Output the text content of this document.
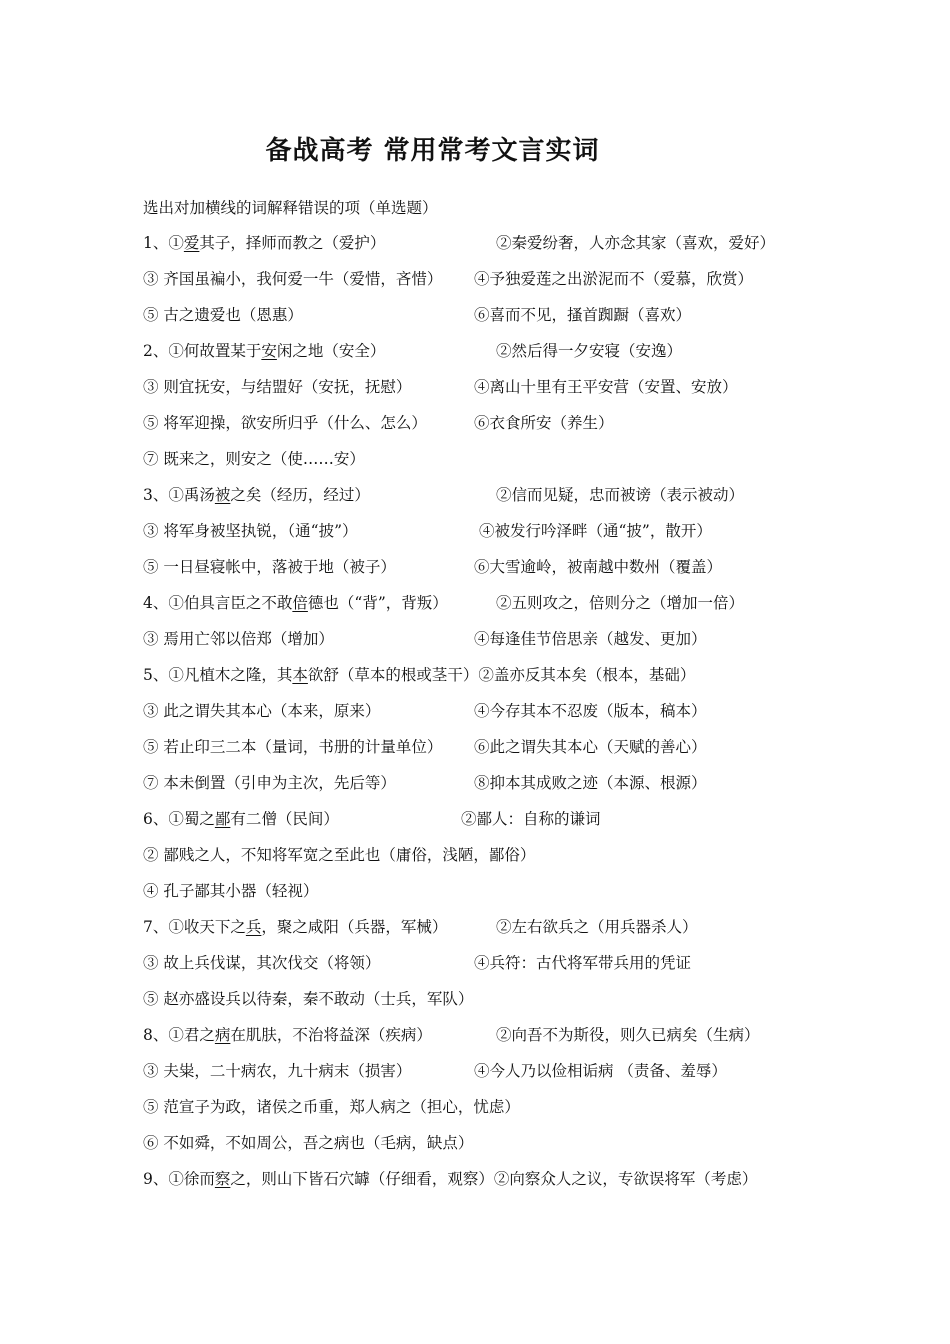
备战高考 常用常考文言实词
选出对加横线的词解释错误的项（单选题）
1、①爱其子，择师而教之（爱护）	②秦爱纷奢，人亦念其家（喜欢，爱好）
③ 齐国虽褊小，我何爱一牛（爱惜，吝惜） ④予独爱莲之出淤泥而不（爱慕，欣赏）
⑤ 古之遗爱也（恩惠）	⑥喜而不见，搔首踟蹰（喜欢）
2、①何故置某于安闲之地（安全）	②然后得一夕安寝（安逸）
③ 则宜抚安，与结盟好（安抚，抚慰）	④离山十里有王平安营（安置、安放）
⑤ 将军迎操，欲安所归乎（什么、怎么）	⑥衣食所安（养生）
⑦ 既来之，则安之（使……安）
3、①禹汤被之矣（经历，经过）	②信而见疑，忠而被谤（表示被动）
③ 将军身被坚执锐，（通“披”）	④被发行吟泽畔（通“披”，散开）
⑤ 一日昼寝帐中，落被于地（被子）	⑥大雪逾岭，被南越中数州（覆盖）
4、①伯具言臣之不敢倍德也（“背”，背叛）	②五则攻之，倍则分之（增加一倍）
③ 焉用亡邻以倍郑（增加）	④每逢佳节倍思亲（越发、更加）
5、①凡植木之隆，其本欲舒（草本的根或茎干）②盖亦反其本矣（根本，基础）
③ 此之谓失其本心（本来，原来）	④今存其本不忍废（版本，稿本）
⑤ 若止印三二本（量词，书册的计量单位） ⑥此之谓失其本心（天赋的善心）
⑦ 本未倒置（引申为主次，先后等）	⑧抑本其成败之迹（本源、根源）
6、①蜀之鄙有二僧（民间）	②鄙人：自称的谦词
② 鄙贱之人，不知将军宽之至此也（庸俗，浅陋，鄙俗）
④ 孔子鄙其小器（轻视）
7、①收天下之兵，聚之咸阳（兵器，军械）	②左右欲兵之（用兵器杀人）
③ 故上兵伐谋，其次伐交（将领）	④兵符：古代将军带兵用的凭证
⑤ 赵亦盛设兵以待秦，秦不敢动（士兵，军队）
8、①君之病在肌肤，不治将益深（疾病）	②向吾不为斯役，则久已病矣（生病）
③ 夫粜，二十病农，九十病末（损害）	④今人乃以俭相诟病 （责备、羞辱）
⑤ 范宣子为政，诸侯之币重，郑人病之（担心，忧虑）
⑥ 不如舜，不如周公，吾之病也（毛病，缺点）
9、①徐而察之，则山下皆石穴罅（仔细看，观察）②向察众人之议，专欲误将军（考虑）
